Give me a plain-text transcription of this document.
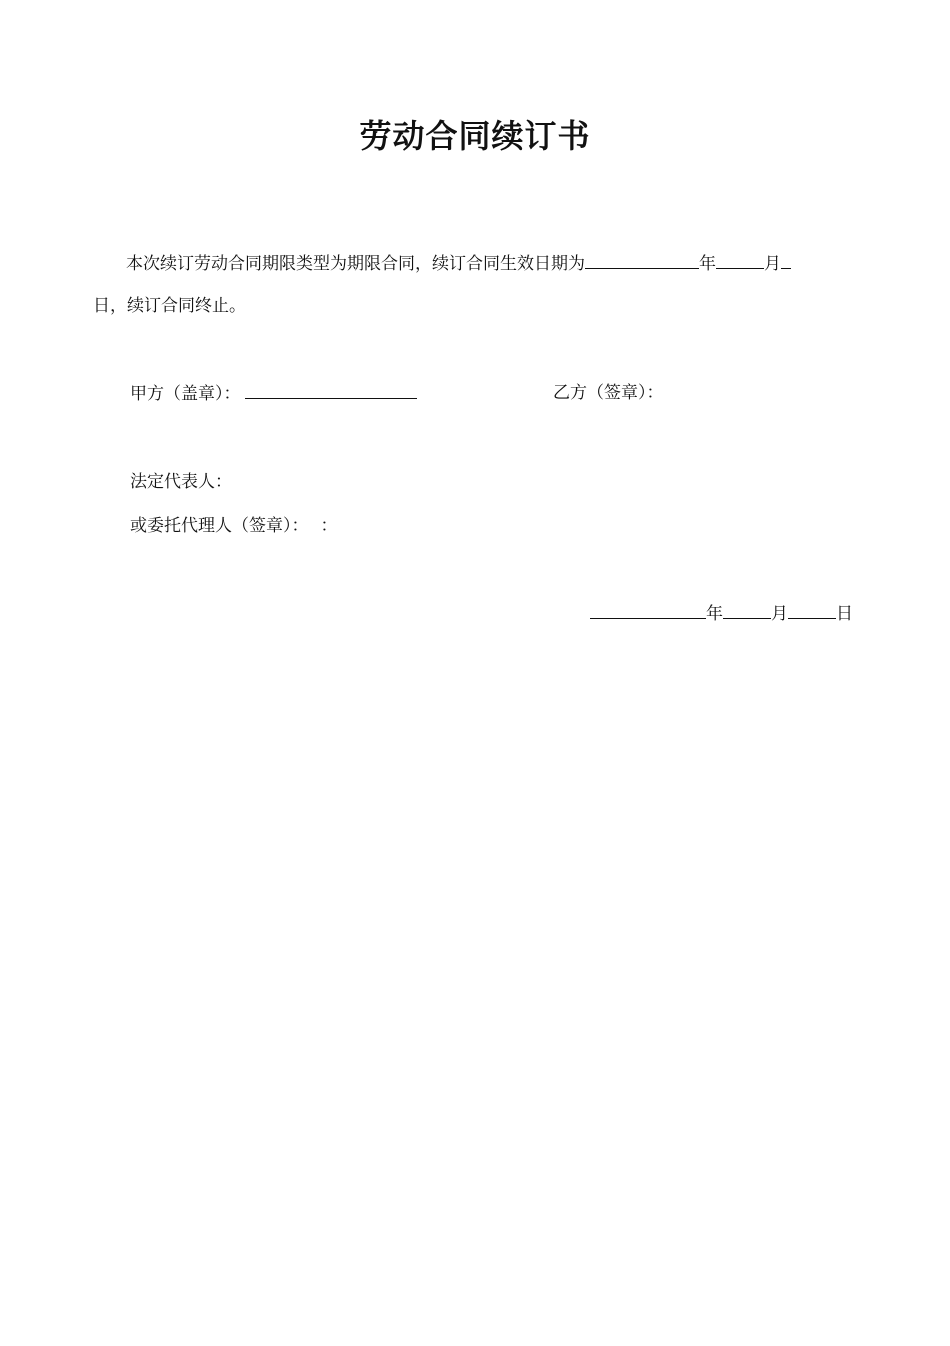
劳动合同续订书
本次续订劳动合同期限类型为期限合同，续订合同生效日期为	年	月
日，续订合同终止。
甲方（盖章）：	乙方（签章）：
法定代表人：
或委托代理人（签章）： ：
年	月	日
